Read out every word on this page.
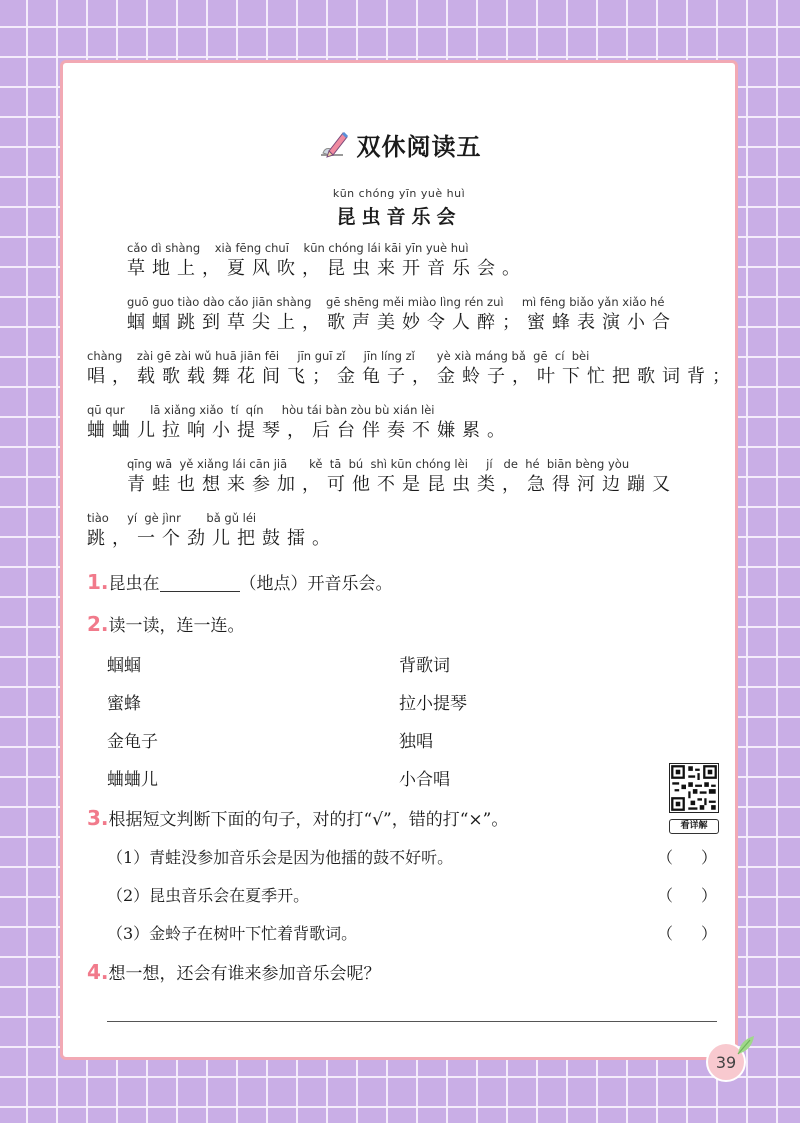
双休阅读五
kūn chóng yīn yuè huì
昆虫音乐会
cǎo dì shàng    xià fēng chuī    kūn chóng lái kāi yīn yuè huì
草地上，夏风吹，昆虫来开音乐会。
guō guo tiào dào cǎo jiān shàng    gē shēng měi miào lìng rén zuì     mì fēng biǎo yǎn xiǎo hé
蝈蝈跳到草尖上，歌声美妙令人醉；蜜蜂表演小合
chàng    zài gē zài wǔ huā jiān fēi     jīn guī zǐ     jīn líng zǐ      yè xià máng bǎ  gē  cí  bèi
唱，载歌载舞花间飞；金龟子，金蛉子，叶下忙把歌词背；
qū qur       lā xiǎng xiǎo  tí  qín     hòu tái bàn zòu bù xián lèi
蛐蛐儿拉响小提琴，后台伴奏不嫌累。
qīng wā  yě xiǎng lái cān jiā      kě  tā  bú  shì kūn chóng lèi     jí   de  hé  biān bèng yòu
青蛙也想来参加，可他不是昆虫类，急得河边蹦又
tiào     yí  gè jìnr       bǎ gǔ léi
跳，一个劲儿把鼓擂。
1.昆虫在	（地点）开音乐会。
2.读一读，连一连。
蝈蝈
蜜蜂
金龟子
蛐蛐儿
背歌词
拉小提琴
独唱
小合唱
看详解
3.根据短文判断下面的句子，对的打“√”，错的打“×”。
（1）青蛙没参加音乐会是因为他擂的鼓不好听。	（ ）
（2）昆虫音乐会在夏季开。	（ ）
（3）金蛉子在树叶下忙着背歌词。	（ ）
4.想一想，还会有谁来参加音乐会呢？
39
